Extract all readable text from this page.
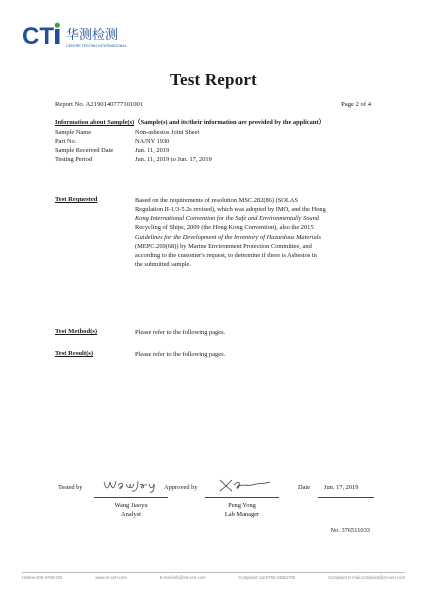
CT 华测检测
CENTRE TESTING INTERNATIONAL
Test Report
Report No. A2190140777101001	Page 2 of 4
Information about Sample(s)（Sample(s) and its/their information are provided by the applicant）
Sample Name	Non-asbestos Joint Sheet
Part No.	NA/NY 1930
Sample Received Date	Jun. 11, 2019
Testing Period	Jun. 11, 2019 to Jun. 17, 2019
Test Requested	Based on the requirements of resolution MSC.282(86) (SOLAS
Regulation II-1/3-5.2s revised), which was adopted by IMO, and the Hong
Kong International Convention for the Safe and Environmentally Sound
Recycling of Ships, 2009 (the Hong Kong Convention), also the 2015
Guidelines for the Development of the Inventory of Hazardous Materials
(MEPC.269(68)) by Marine Environment Protection Committee, and
according to the customer's request, to determine if there is Asbestos in
the submitted sample.
Test Method(s)	Please refer to the following pages.
Test Result(s)	Please refer to the following pages.
Tested by
Wang Jiaoyu
Analyst
Approved by
Peng Yong
Lab Manager
Date Jun. 17, 2019
No. 376511033
Hotline:400-6788-333	www.cti-cert.com	E-mail:info@cti-cert.com	Complaint call:0755-33681700	Complaint E-mail:complaint@cti-cert.com
